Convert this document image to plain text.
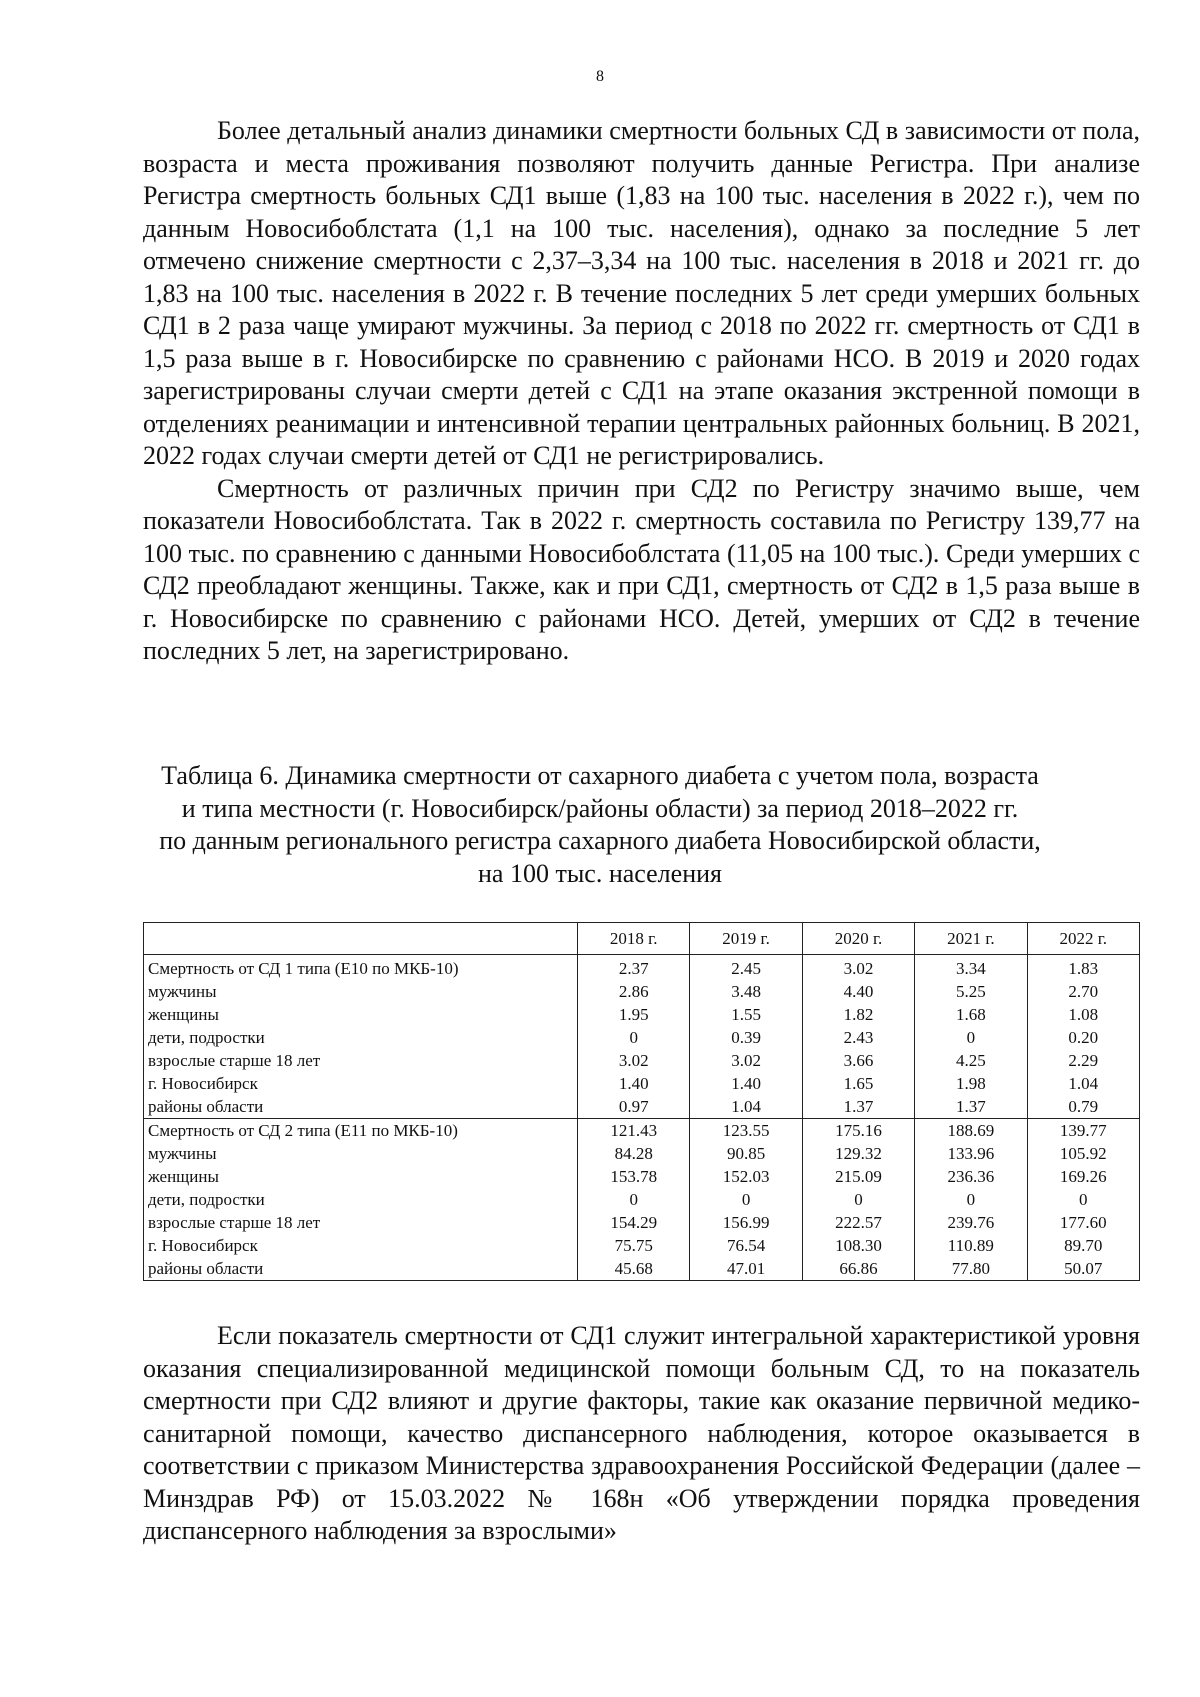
8

Более детальный анализ динамики смертности больных СД в зависимости от пола, возраста и места проживания позволяют получить данные Регистра. При анализе Регистра смертность больных СД1 выше (1,83 на 100 тыс. населения в 2022 г.), чем по данным Новосибоблстата (1,1 на 100 тыс. населения), однако за последние 5 лет отмечено снижение смертности с 2,37–3,34 на 100 тыс. населения в 2018 и 2021 гг. до 1,83 на 100 тыс. населения в 2022 г. В течение последних 5 лет среди умерших больных СД1 в 2 раза чаще умирают мужчины. За период с 2018 по 2022 гг. смертность от СД1 в 1,5 раза выше в г. Новосибирске по сравнению с районами НСО. В 2019 и 2020 годах зарегистрированы случаи смерти детей с СД1 на этапе оказания экстренной помощи в отделениях реанимации и интенсивной терапии центральных районных больниц. В 2021, 2022 годах случаи смерти детей от СД1 не регистрировались.

Смертность от различных причин при СД2 по Регистру значимо выше, чем показатели Новосибоблстата. Так в 2022 г. смертность составила по Регистру 139,77 на 100 тыс. по сравнению с данными Новосибоблстата (11,05 на 100 тыс.). Среди умерших с СД2 преобладают женщины. Также, как и при СД1, смертность от СД2 в 1,5 раза выше в г. Новосибирске по сравнению с районами НСО. Детей, умерших от СД2 в течение последних 5 лет, на зарегистрировано.

Таблица 6. Динамика смертности от сахарного диабета с учетом пола, возраста
и типа местности (г. Новосибирск/районы области) за период 2018–2022 гг.
по данным регионального регистра сахарного диабета Новосибирской области,
на 100 тыс. населения
	2018 г.	2019 г.	2020 г.	2021 г.	2022 г.
Смертность от СД 1 типа (Е10 по МКБ-10)	2.37	2.45	3.02	3.34	1.83
мужчины	2.86	3.48	4.40	5.25	2.70
женщины	1.95	1.55	1.82	1.68	1.08
дети, подростки	0	0.39	2.43	0	0.20
взрослые старше 18 лет	3.02	3.02	3.66	4.25	2.29
г. Новосибирск	1.40	1.40	1.65	1.98	1.04
районы области	0.97	1.04	1.37	1.37	0.79
Смертность от СД 2 типа (Е11 по МКБ-10)	121.43	123.55	175.16	188.69	139.77
мужчины	84.28	90.85	129.32	133.96	105.92
женщины	153.78	152.03	215.09	236.36	169.26
дети, подростки	0	0	0	0	0
взрослые старше 18 лет	154.29	156.99	222.57	239.76	177.60
г. Новосибирск	75.75	76.54	108.30	110.89	89.70
районы области	45.68	47.01	66.86	77.80	50.07

Если показатель смертности от СД1 служит интегральной характеристикой уровня оказания специализированной медицинской помощи больным СД, то на показатель смертности при СД2 влияют и другие факторы, такие как оказание первичной медико-санитарной помощи, качество диспансерного наблюдения, которое оказывается в соответствии с приказом Министерства здравоохранения Российской Федерации (далее – Минздрав РФ) от 15.03.2022 № 168н «Об утверждении порядка проведения диспансерного наблюдения за взрослыми»
